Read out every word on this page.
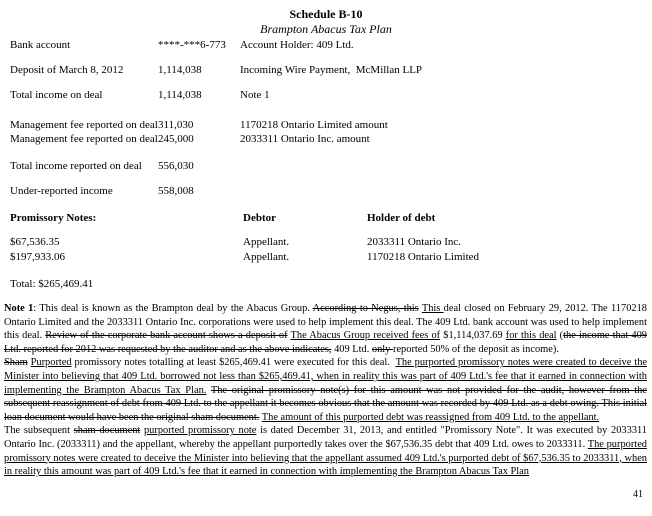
Schedule B-10
Brampton Abacus Tax Plan
Bank account	****-***6-773	Account Holder: 409 Ltd.
Deposit of March 8, 2012	1,114,038	Incoming Wire Payment,  McMillan LLP
Total income on deal	1,114,038	Note 1
Management fee reported on deal 311,030	1170218 Ontario Limited amount
Management fee reported on deal 245,000	2033311 Ontario Inc. amount
Total income reported on deal	556,030
Under-reported income	558,008
Promissory Notes:	Debtor	Holder of debt
$67,536.35	Appellant.	2033311 Ontario Inc.
$197,933.06	Appellant.	1170218 Ontario Limited
Total: $265,469.41
Note 1: This deal is known as the Brampton deal by the Abacus Group. According to Negus, this This deal closed on February 29, 2012. The 1170218 Ontario Limited and the 2033311 Ontario Inc. corporations were used to help implement this deal. The 409 Ltd. bank account was used to help implement this deal. Review of the corporate bank account shows a deposit of The Abacus Group received fees of $1,114,037.69 for this deal (the income that 409 Ltd. reported for 2012 was requested by the auditor and as the above indicates, 409 Ltd. only reported 50% of the deposit as income).
Sham Purported promissory notes totalling at least $265,469.41 were executed for this deal.  The purported promissory notes were created to deceive the Minister into believing that 409 Ltd. borrowed not less than $265,469.41, when in reality this was part of 409 Ltd.'s fee that it earned in connection with implementing the Brampton Abacus Tax Plan. The original promissory note(s) for this amount was not provided for the audit, however from the subsequent reassignment of debt from 409 Ltd. to the appellant it becomes obvious that the amount was recorded by 409 Ltd. as a debt owing. This initial loan document would have been the original sham document. The amount of this purported debt was reassigned from 409 Ltd. to the appellant.
The subsequent sham document purported promissory note is dated December 31, 2013, and entitled "Promissory Note". It was executed by 2033311 Ontario Inc. (2033311) and the appellant, whereby the appellant purportedly takes over the $67,536.35 debt that 409 Ltd. owes to 2033311. The purported promissory notes were created to deceive the Minister into believing that the appellant assumed 409 Ltd.'s purported debt of $67,536.35 to 2033311, when in reality this amount was part of 409 Ltd.'s fee that it earned in connection with implementing the Brampton Abacus Tax Plan
41
